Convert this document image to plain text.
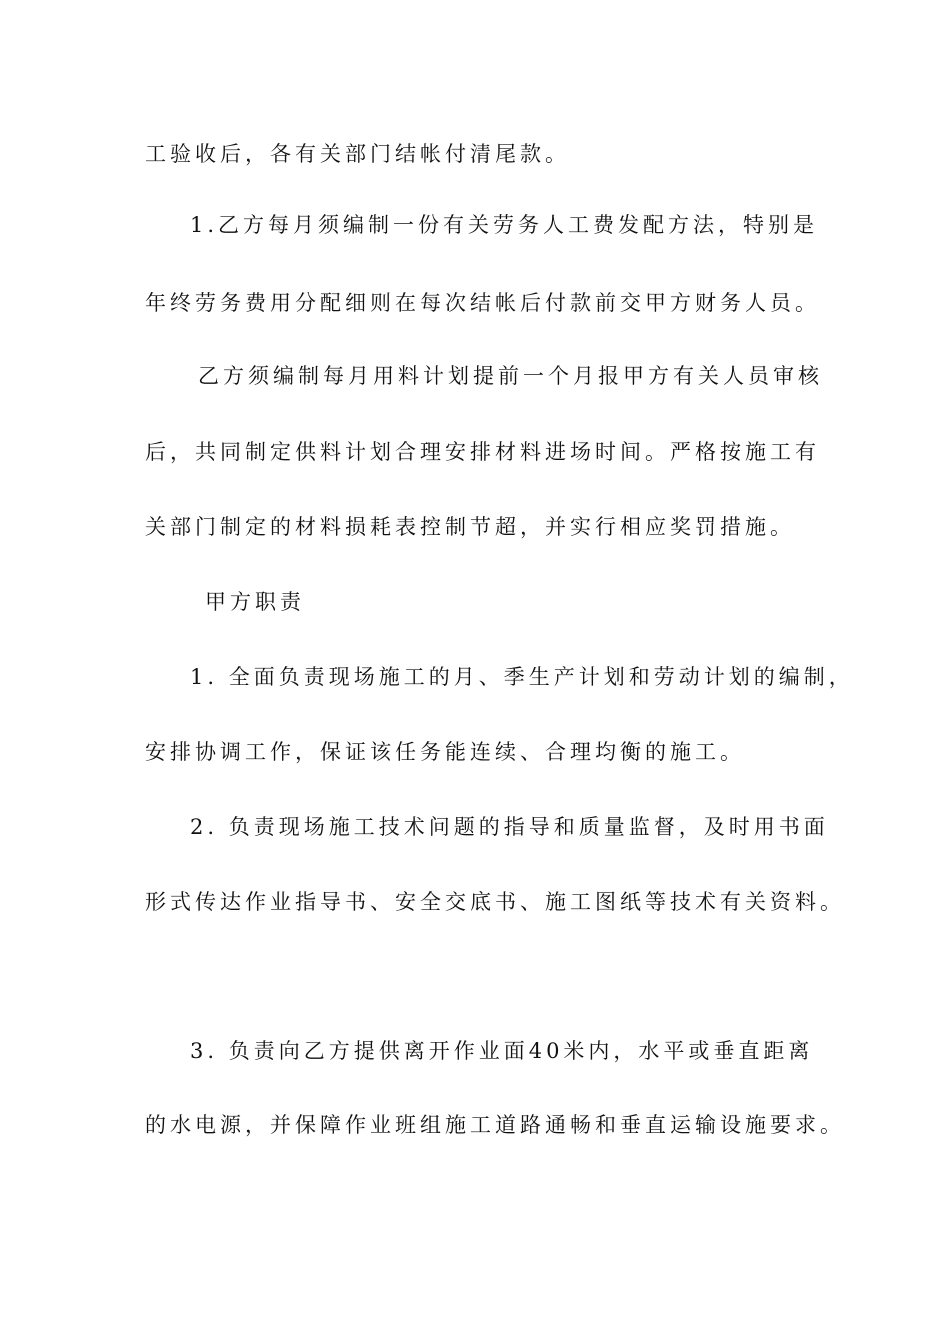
工验收后，各有关部门结帐付清尾款。

1.乙方每月须编制一份有关劳务人工费发配方法，特别是

年终劳务费用分配细则在每次结帐后付款前交甲方财务人员。

乙方须编制每月用料计划提前一个月报甲方有关人员审核

后，共同制定供料计划合理安排材料进场时间。严格按施工有

关部门制定的材料损耗表控制节超，并实行相应奖罚措施。

甲方职责

1. 全面负责现场施工的月、季生产计划和劳动计划的编制，

安排协调工作，保证该任务能连续、合理均衡的施工。

2. 负责现场施工技术问题的指导和质量监督，及时用书面

形式传达作业指导书、安全交底书、施工图纸等技术有关资料。

3. 负责向乙方提供离开作业面40米内，水平或垂直距离

的水电源，并保障作业班组施工道路通畅和垂直运输设施要求。
